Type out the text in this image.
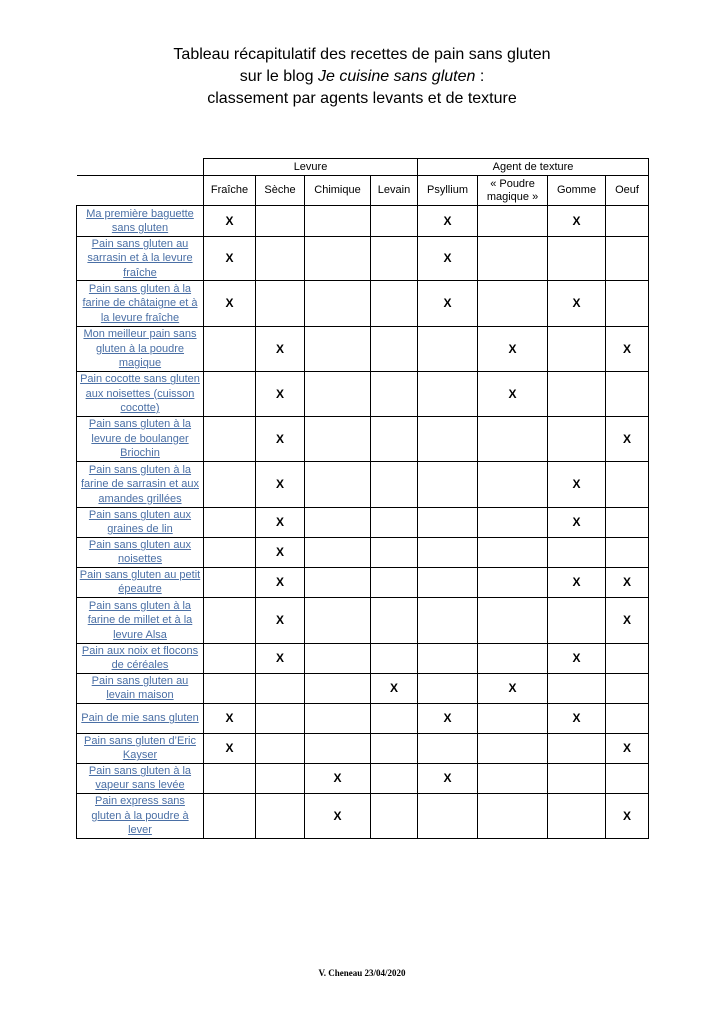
Tableau récapitulatif des recettes de pain sans gluten
sur le blog Je cuisine sans gluten :
classement par agents levants et de texture
	Levure				Agent de texture			
	Fraîche	Sèche	Chimique	Levain	Psyllium	« Poudre magique »	Gomme	Oeuf
Ma première baguette sans gluten	X				X		X	
Pain sans gluten au sarrasin et à la levure fraîche	X				X			
Pain sans gluten à la farine de châtaigne et à la levure fraîche	X				X		X	
Mon meilleur pain sans gluten à la poudre magique		X				X		X
Pain cocotte sans gluten aux noisettes (cuisson cocotte)		X				X		
Pain sans gluten à la levure de boulanger Briochin		X						X
Pain sans gluten à la farine de sarrasin et aux amandes grillées		X					X	
Pain sans gluten aux graines de lin		X					X	
Pain sans gluten aux noisettes		X						
Pain sans gluten au petit épeautre		X					X	X
Pain sans gluten à la farine de millet et à la levure Alsa		X						X
Pain aux noix et flocons de céréales		X					X	
Pain sans gluten au levain maison				X		X		
Pain de mie sans gluten	X				X		X	
Pain sans gluten d’Eric Kayser	X							X
Pain sans gluten à la vapeur sans levée			X		X			
Pain express sans gluten à la poudre à lever			X					X
V. Cheneau 23/04/2020
